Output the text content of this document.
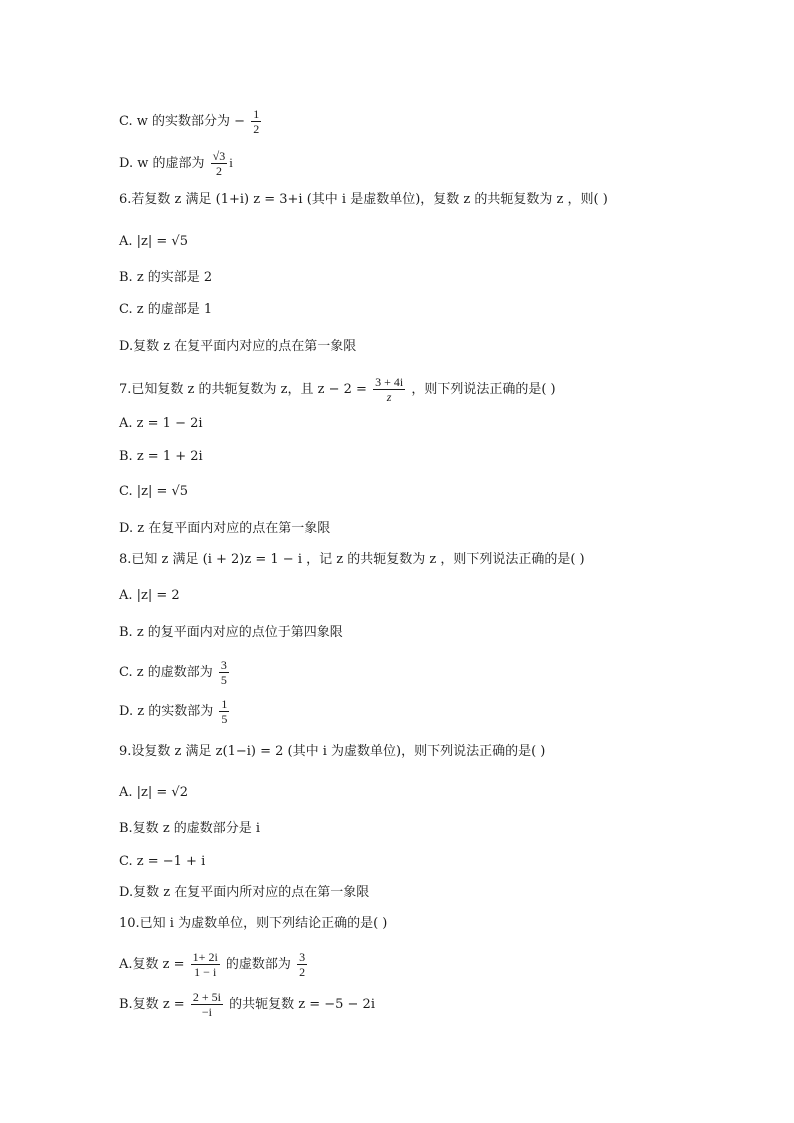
C. w 的实数部分为 − $\frac{1}{2}$
D. w 的虚部为 $\frac{√3}{2}$ i
6.若复数 z 满足 (1+i) z = 3+i (其中 i 是虚数单位)，复数 z 的共轭复数为 z ，则( )
A. |z| = √5
B. z 的实部是 2
C. z 的虚部是 1
D.复数 z 在复平面内对应的点在第一象限
7.已知复数 z 的共轭复数为 z，且 $z - 2 = \frac{3 + 4i}{z}$ ，则下列说法正确的是( )
A. z = 1 − 2i
B. z = 1 + 2i
C. |z| = √5
D. z 在复平面内对应的点在第一象限
8.已知 z 满足 (i + 2)z = 1 − i ，记 z 的共轭复数为 z ，则下列说法正确的是( )
A. |z| = 2
B. z 的复平面内对应的点位于第四象限
C. z 的虚数部为 $\frac{3}{5}$
D. z 的实数部为 $\frac{1}{5}$
9.设复数 z 满足 z(1−i) = 2 (其中 i 为虚数单位)，则下列说法正确的是( )
A. |z| = √2
B.复数 z 的虚数部分是 i
C. z = −1 + i
D.复数 z 在复平面内所对应的点在第一象限
10.已知 i 为虚数单位，则下列结论正确的是( )
A.复数 $z = \frac{1+ 2i}{1 - i}$ 的虚数部为 $\frac{3}{2}$
B.复数 $z = \frac{2 + 5i}{-i}$ 的共轭复数 z = −5 − 2i
